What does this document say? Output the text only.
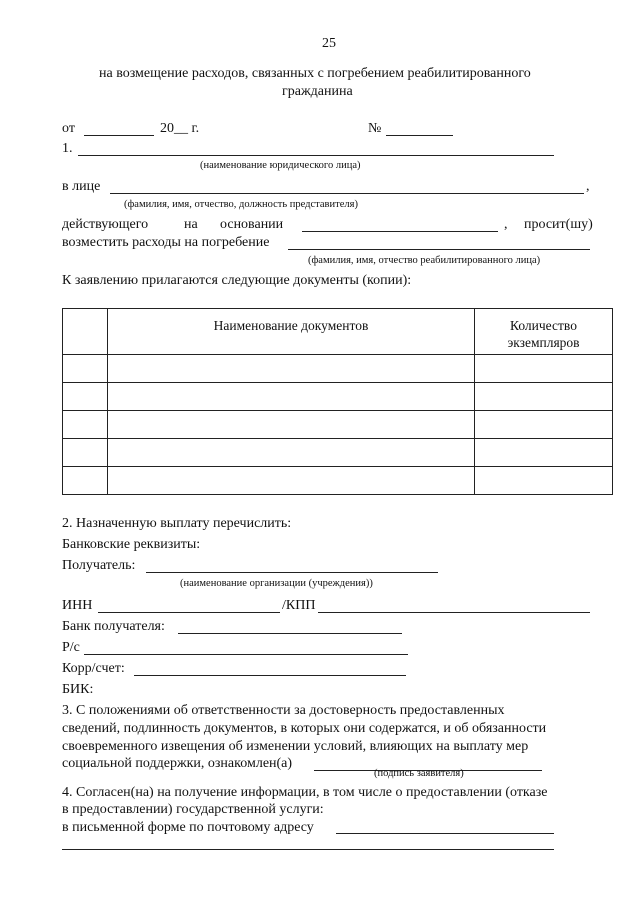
25
на возмещение расходов, связанных с погребением реабилитированного
гражданина
от	20__ г.	№
1.
(наименование юридического лица)
в лице	,
(фамилия, имя, отчество, должность представителя)
действующего	на основании	, просит(шу)
возместить расходы на погребение
(фамилия, имя, отчество реабилитированного лица)
К заявлению прилагаются следующие документы (копии):

	Наименование документов	Количество
экземпляров

2. Назначенную выплату перечислить:
Банковские реквизиты:
Получатель:
(наименование организации (учреждения))
ИНН	/КПП
Банк получателя:
Р/с
Корр/счет:
БИК:
3. С положениями об ответственности за достоверность предоставленных
сведений, подлинность документов, в которых они содержатся, и об обязанности
своевременного извещения об изменении условий, влияющих на выплату мер
социальной поддержки, ознакомлен(а)
(подпись заявителя)
4. Согласен(на) на получение информации, в том числе о предоставлении (отказе
в предоставлении) государственной услуги:
в письменной форме по почтовому адресу
